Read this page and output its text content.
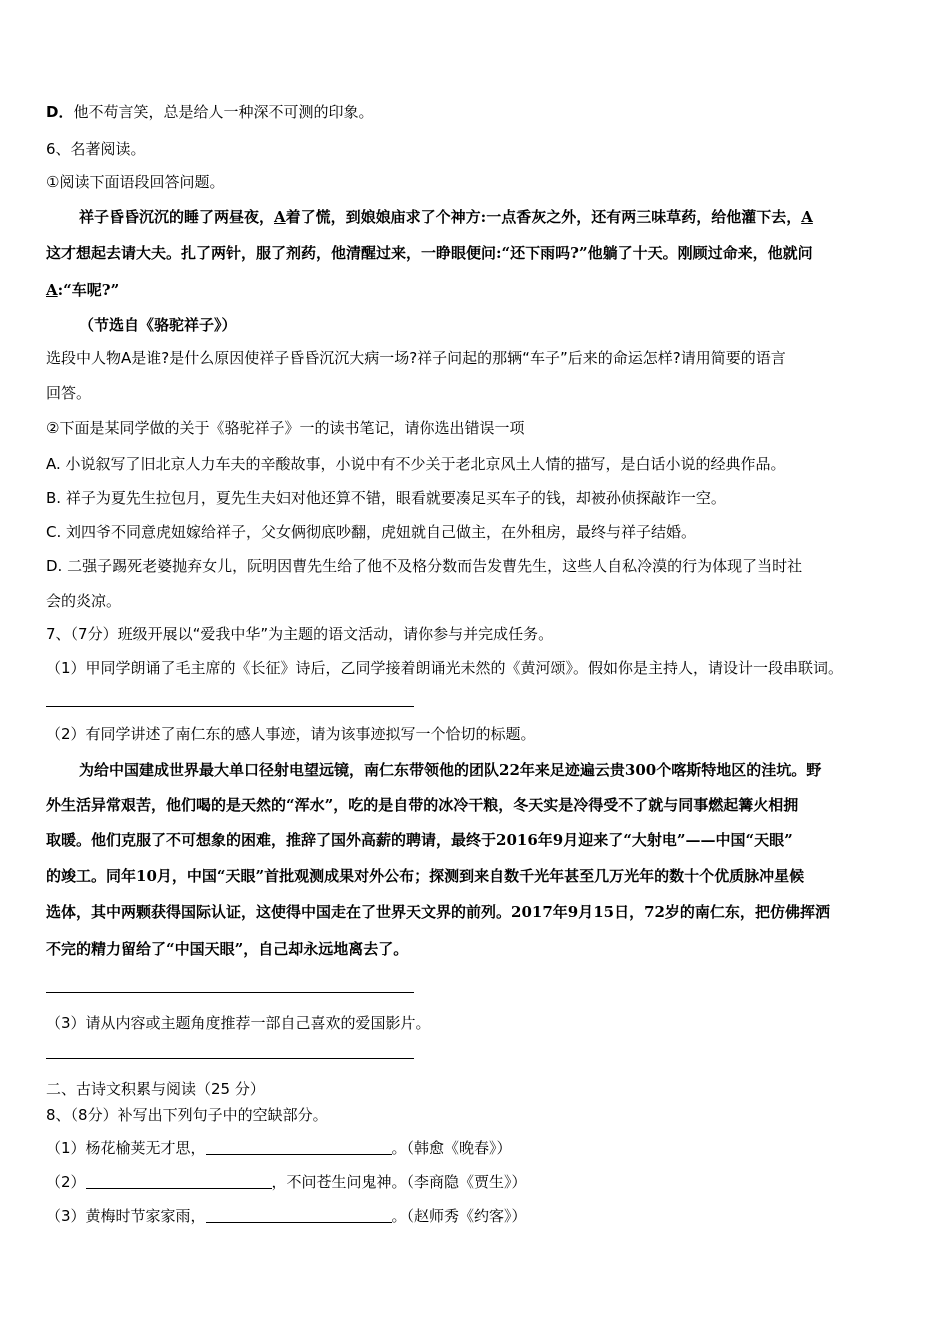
D．他不苟言笑，总是给人一种深不可测的印象。
6、名著阅读。
①阅读下面语段回答问题。
祥子昏昏沉沉的睡了两昼夜，A着了慌，到娘娘庙求了个神方:一点香灰之外，还有两三味草药，给他灌下去，A
这才想起去请大夫。扎了两针，服了剂药，他清醒过来，一睁眼便问:“还下雨吗?”他躺了十天。刚顾过命来，他就问
A:“车呢?”
（节选自《骆驼祥子》）
选段中人物A是谁?是什么原因使祥子昏昏沉沉大病一场?祥子问起的那辆“车子”后来的命运怎样?请用简要的语言
回答。
②下面是某同学做的关于《骆驼祥子》一的读书笔记，请你选出错误一项
A. 小说叙写了旧北京人力车夫的辛酸故事，小说中有不少关于老北京风土人情的描写，是白话小说的经典作品。
B. 祥子为夏先生拉包月，夏先生夫妇对他还算不错，眼看就要凑足买车子的钱，却被孙侦探敲诈一空。
C. 刘四爷不同意虎妞嫁给祥子，父女俩彻底吵翻，虎妞就自己做主，在外租房，最终与祥子结婚。
D. 二强子踢死老婆抛弃女儿，阮明因曹先生给了他不及格分数而告发曹先生，这些人自私冷漠的行为体现了当时社
会的炎凉。
7、（7分）班级开展以“爱我中华”为主题的语文活动，请你参与并完成任务。
（1）甲同学朗诵了毛主席的《长征》诗后，乙同学接着朗诵光未然的《黄河颂》。假如你是主持人，请设计一段串联词。
（2）有同学讲述了南仁东的感人事迹，请为该事迹拟写一个恰切的标题。
为给中国建成世界最大单口径射电望远镜，南仁东带领他的团队22年来足迹遍云贵300个喀斯特地区的洼坑。野
外生活异常艰苦，他们喝的是天然的“浑水”，吃的是自带的冰冷干粮，冬天实是冷得受不了就与同事燃起篝火相拥
取暖。他们克服了不可想象的困难，推辞了国外高薪的聘请，最终于2016年9月迎来了“大射电”——中国“天眼”
的竣工。同年10月，中国“天眼”首批观测成果对外公布；探测到来自数千光年甚至几万光年的数十个优质脉冲星候
选体，其中两颗获得国际认证，这使得中国走在了世界天文界的前列。2017年9月15日，72岁的南仁东，把仿佛挥洒
不完的精力留给了“中国天眼”，自己却永远地离去了。
（3）请从内容或主题角度推荐一部自己喜欢的爱国影片。
二、古诗文积累与阅读（25 分）
8、（8分）补写出下列句子中的空缺部分。
（1）杨花榆荚无才思，	。（韩愈《晚春》）
（2）	，不问苍生问鬼神。（李商隐《贾生》）
（3）黄梅时节家家雨，	。（赵师秀《约客》）
